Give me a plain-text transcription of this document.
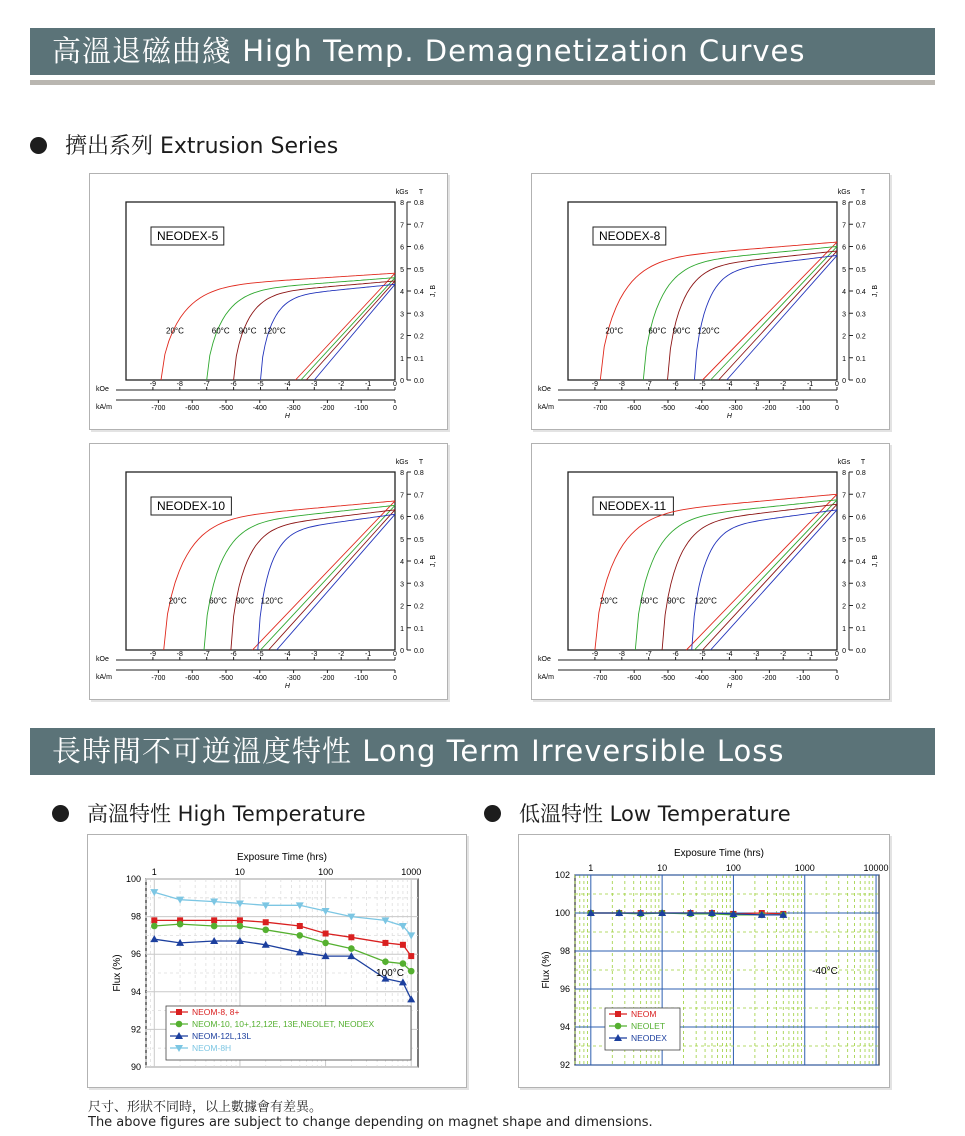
高溫退磁曲綫 High Temp. Demagnetization Curves
擠出系列 Extrusion Series
NEODEX-5
0 0.0
1 0.1
2 0.2
3 0.3
4 0.4
5 0.5
6 0.6
7 0.7
8 0.8
kGs T
J, B
-9	-8	-7	-6	-5	-4	-3	-2	-1	0
kOe
-700	-600	-500	-400	-300	-200	-100	0
kA/m
H
20°C	60°C 90°C 120°C
NEODEX-8
0 0.0
1 0.1
2 0.2
3 0.3
4 0.4
5 0.5
6 0.6
7 0.7
8 0.8
kGs T
J, B
-9	-8	-7	-6	-5	-4	-3	-2	-1	0
kOe
-700	-600	-500	-400	-300	-200	-100	0
kA/m
H
20°C	60°C 90°C 120°C
NEODEX-10
0 0.0
1 0.1
2 0.2
3 0.3
4 0.4
5 0.5
6 0.6
7 0.7
8 0.8
kGs T
J, B
-9	-8	-7	-6	-5	-4	-3	-2	-1	0
kOe
-700	-600	-500	-400	-300	-200	-100	0
kA/m
H
20°C	60°C 90°C 120°C
NEODEX-11
0 0.0
1 0.1
2 0.2
3 0.3
4 0.4
5 0.5
6 0.6
7 0.7
8 0.8
kGs T
J, B
-9	-8	-7	-6	-5	-4	-3	-2	-1	0
kOe
-700	-600	-500	-400	-300	-200	-100	0
kA/m
H
20°C	60°C 90°C 120°C
長時間不可逆溫度特性 Long Term Irreversible Loss
高溫特性 High Temperature	低溫特性 Low Temperature
1	10	100	1000
90
92
94
96
98
100
Exposure Time (hrs)
Flux (%)	100°C
NEOM-8, 8+
NEOM-10, 10+,12,12E, 13E,NEOLET, NEODEX
NEOM-12L,13L
NEOM-8H
1	10	100	1000	10000
92
94
96
98
100
102
Exposure Time (hrs)
Flux (%)	-40°C
NEOM
NEOLET
NEODEX
尺寸、形狀不同時，以上數據會有差異。
The above figures are subject to change depending on magnet shape and dimensions.
